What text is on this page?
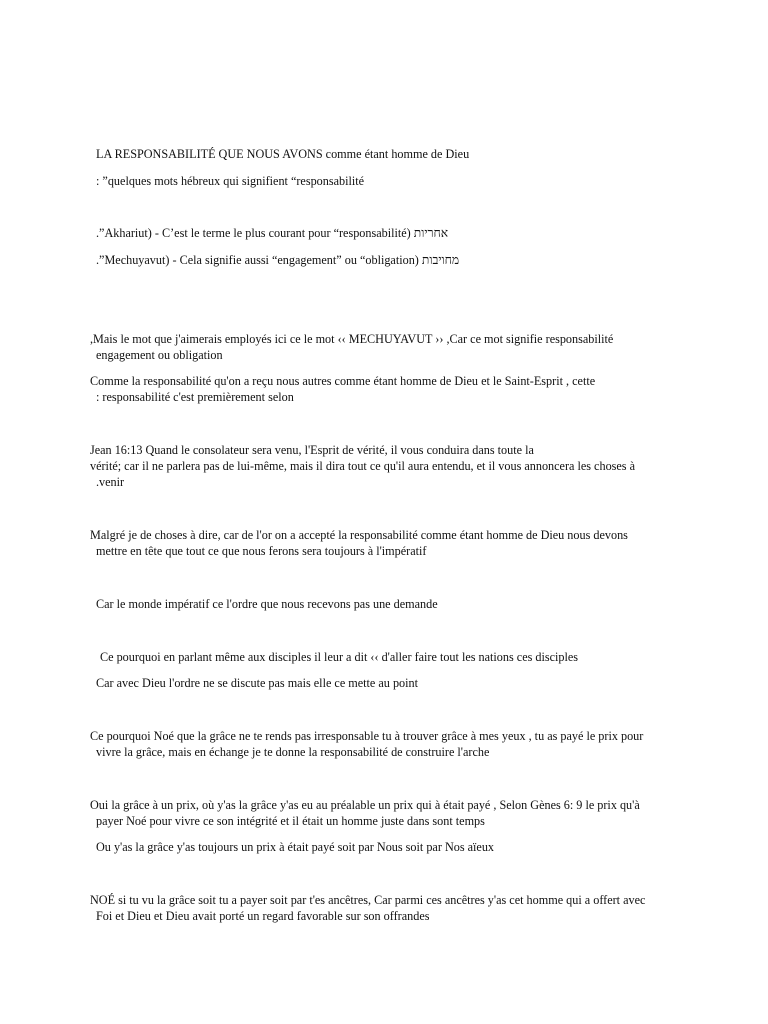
LA RESPONSABILITÉ QUE NOUS AVONS comme étant homme de Dieu
: ”quelques mots hébreux qui signifient “responsabilité
.”Akhariut) - C’est le terme le plus courant pour “responsabilité) אחריות
.”Mechuyavut) - Cela signifie aussi “engagement” ou “obligation) מחויבות
,Mais le mot que j'aimerais employés ici ce le mot ‹‹ MECHUYAVUT ›› ,Car ce mot signifie responsabilité
engagement ou obligation
Comme la responsabilité qu'on a reçu nous autres comme étant homme de Dieu et le Saint-Esprit , cette
: responsabilité c'est premièrement selon
Jean 16:13 Quand le consolateur sera venu, l'Esprit de vérité, il vous conduira dans toute la
vérité; car il ne parlera pas de lui-même, mais il dira tout ce qu'il aura entendu, et il vous annoncera les choses à
.venir
Malgré je de choses à dire, car de l'or on a accepté la responsabilité comme étant homme de Dieu nous devons
mettre en tête que tout ce que nous ferons sera toujours à l'impératif
Car le monde impératif ce l'ordre que nous recevons pas une demande
Ce pourquoi en parlant même aux disciples il leur a dit ‹‹ d'aller faire tout les nations ces disciples
Car avec Dieu l'ordre ne se discute pas mais elle ce mette au point
Ce pourquoi Noé que la grâce ne te rends pas irresponsable tu à trouver grâce à mes yeux , tu as payé le prix pour
vivre la grâce, mais en échange je te donne la responsabilité de construire l'arche
Oui la grâce à un prix, où y'as la grâce y'as eu au préalable un prix qui à était payé , Selon Gènes 6: 9 le prix qu'à
payer Noé pour vivre ce son intégrité et il était un homme juste dans sont temps
Ou y'as la grâce y'as toujours un prix à était payé soit par Nous soit par Nos aïeux
NOÉ si tu vu la grâce soit tu a payer soit par t'es ancêtres, Car parmi ces ancêtres y'as cet homme qui a offert avec
Foi et Dieu et Dieu avait porté un regard favorable sur son offrandes
